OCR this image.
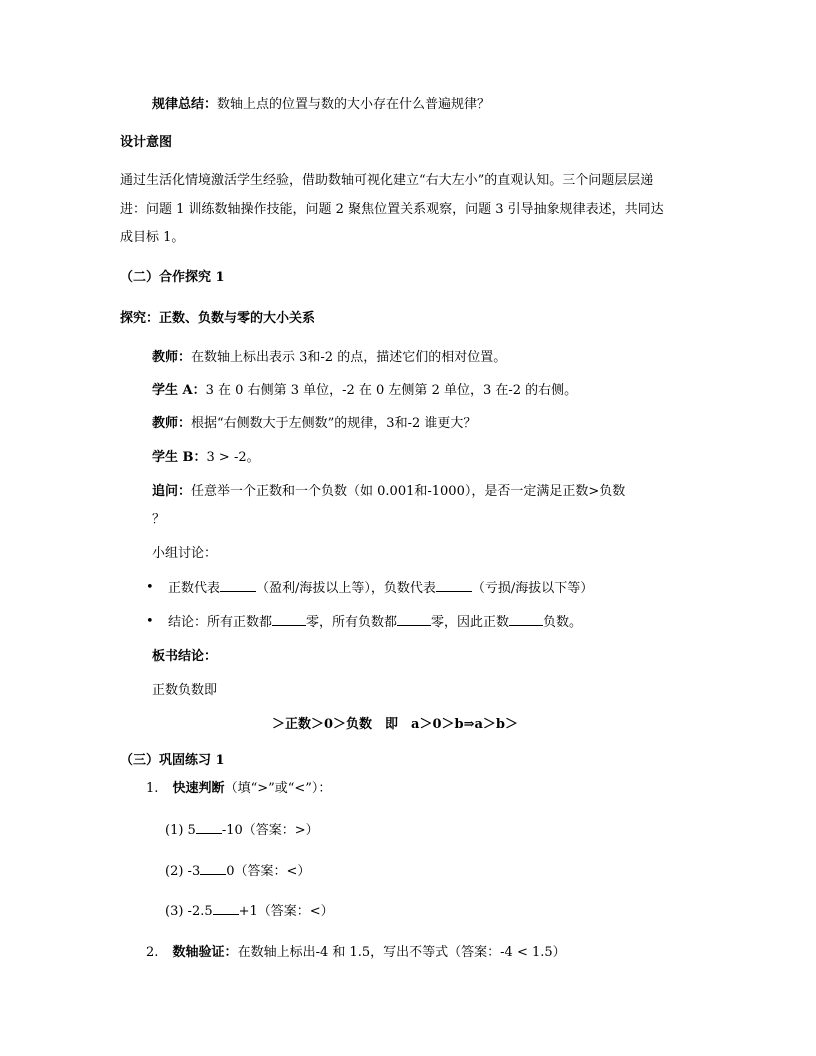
规律总结：数轴上点的位置与数的大小存在什么普遍规律？
设计意图
通过生活化情境激活学生经验，借助数轴可视化建立“右大左小”的直观认知。三个问题层层递
进：问题 1 训练数轴操作技能，问题 2 聚焦位置关系观察，问题 3 引导抽象规律表述，共同达
成目标 1。
（二）合作探究 1
探究：正数、负数与零的大小关系
教师：在数轴上标出表示 3和-2 的点，描述它们的相对位置。
学生 A：3 在 0 右侧第 3 单位，-2 在 0 左侧第 2 单位，3 在-2 的右侧。
教师：根据“右侧数大于左侧数”的规律，3和-2 谁更大？
学生 B：3 > -2。
追问：任意举一个正数和一个负数（如 0.001和-1000），是否一定满足正数>负数
？
小组讨论：
• 正数代表	（盈利/海拔以上等），负数代表	（亏损/海拔以下等）
• 结论：所有正数都	零，所有负数都	零，因此正数	负数。
板书结论：
正数负数即
＞正数＞0＞负数　即　a＞0＞b⇒a＞b＞
（三）巩固练习 1
1. 快速判断（填“>”或“<”）：
(1) 5 -10（答案：>）
(2) -3 0（答案：<）
(3) -2.5 +1（答案：<）
2. 数轴验证：在数轴上标出-4 和 1.5，写出不等式（答案：-4 < 1.5）
